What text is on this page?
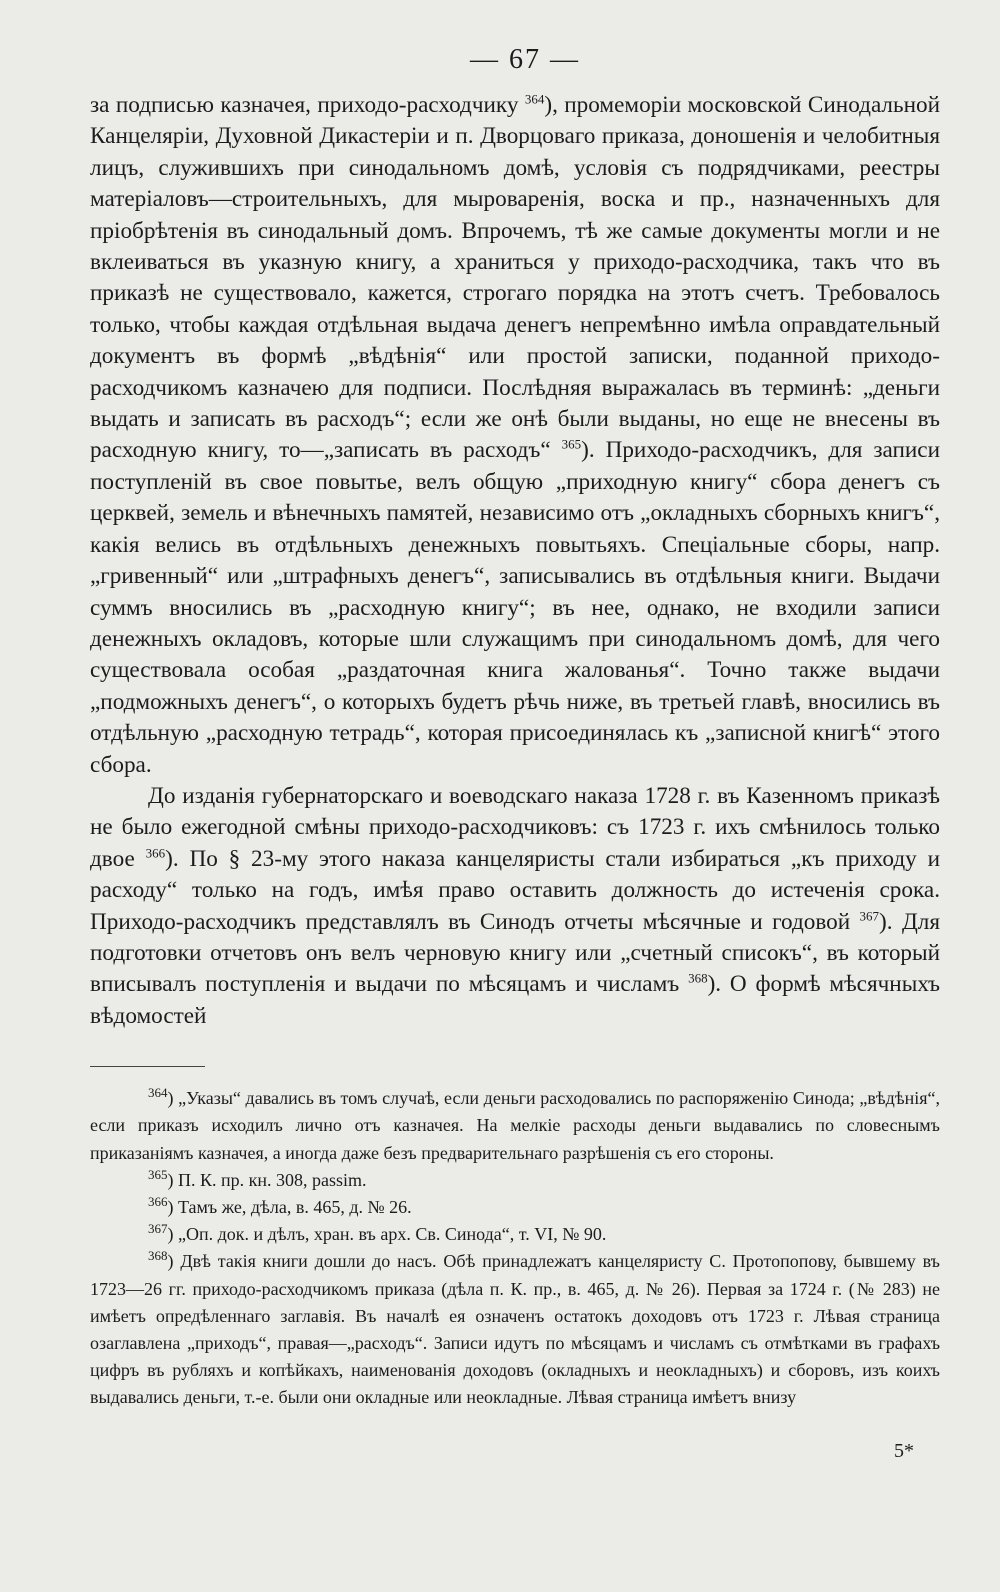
— 67 —

за подписью казначея, приходо-расходчику $^{364}$), промеморіи московской Синодальной Канцеляріи, Духовной Дикастеріи и п. Дворцоваго приказа, доношенія и челобитныя лицъ, служившихъ при синодальномъ домѣ, условія съ подрядчиками, реестры матеріаловъ—строительныхъ, для мыроваренія, воска и пр., назначенныхъ для пріобрѣтенія въ синодальный домъ. Впрочемъ, тѣ же самые документы могли и не вклеиваться въ указную книгу, а храниться у приходо-расходчика, такъ что въ приказѣ не существовало, кажется, строгаго порядка на этотъ счетъ. Требовалось только, чтобы каждая отдѣльная выдача денегъ непремѣнно имѣла оправдательный документъ въ формѣ „вѣдѣнія“ или простой записки, поданной приходо-расходчикомъ казначею для подписи. Послѣдняя выражалась въ терминѣ: „деньги выдать и записать въ расходъ“; если же онѣ были выданы, но еще не внесены въ расходную книгу, то—„записать въ расходъ“ $^{365}$). Приходо-расходчикъ, для записи поступленій въ свое повытье, велъ общую „приходную книгу“ сбора денегъ съ церквей, земель и вѣнечныхъ памятей, независимо отъ „окладныхъ сборныхъ книгъ“, какія велись въ отдѣльныхъ денежныхъ повытьяхъ. Спеціальные сборы, напр. „гривенный“ или „штрафныхъ денегъ“, записывались въ отдѣльныя книги. Выдачи суммъ вносились въ „расходную книгу“; въ нее, однако, не входили записи денежныхъ окладовъ, которые шли служащимъ при синодальномъ домѣ, для чего существовала особая „раздаточная книга жалованья“. Точно также выдачи „подможныхъ денегъ“, о которыхъ будетъ рѣчь ниже, въ третьей главѣ, вносились въ отдѣльную „расходную тетрадь“, которая присоединялась къ „записной книгѣ“ этого сбора.

До изданія губернаторскаго и воеводскаго наказа 1728 г. въ Казенномъ приказѣ не было ежегодной смѣны приходо-расходчиковъ: съ 1723 г. ихъ смѣнилось только двое $^{366}$). По § 23-му этого наказа канцеляристы стали избираться „къ приходу и расходу“ только на годъ, имѣя право оставить должность до истеченія срока. Приходо-расходчикъ представлялъ въ Синодъ отчеты мѣсячные и годовой $^{367}$). Для подготовки отчетовъ онъ велъ черновую книгу или „счетный списокъ“, въ который вписывалъ поступленія и выдачи по мѣсяцамъ и числамъ $^{368}$). О формѣ мѣсячныхъ вѣдомостей

$^{364}$) „Указы“ давались въ томъ случаѣ, если деньги расходовались по распоряженію Синода; „вѣдѣнія“, если приказъ исходилъ лично отъ казначея. На мелкіе расходы деньги выдавались по словеснымъ приказаніямъ казначея, а иногда даже безъ предварительнаго разрѣшенія съ его стороны.

$^{365}$) П. К. пр. кн. 308, passim.

$^{366}$) Тамъ же, дѣла, в. 465, д. № 26.

$^{367}$) „Оп. док. и дѣлъ, хран. въ арх. Св. Синода“, т. VI, № 90.

$^{368}$) Двѣ такія книги дошли до насъ. Обѣ принадлежатъ канцеляристу С. Протопопову, бывшему въ 1723—26 гг. приходо-расходчикомъ приказа (дѣла п. К. пр., в. 465, д. № 26). Первая за 1724 г. (№ 283) не имѣетъ опредѣленнаго заглавія. Въ началѣ ея означенъ остатокъ доходовъ отъ 1723 г. Лѣвая страница озаглавлена „приходъ“, правая—„расходъ“. Записи идутъ по мѣсяцамъ и числамъ съ отмѣтками въ графахъ цифръ въ рубляхъ и копѣйкахъ, наименованія доходовъ (окладныхъ и неокладныхъ) и сборовъ, изъ коихъ выдавались деньги, т.-е. были они окладные или неокладные. Лѣвая страница имѣетъ внизу

5*
